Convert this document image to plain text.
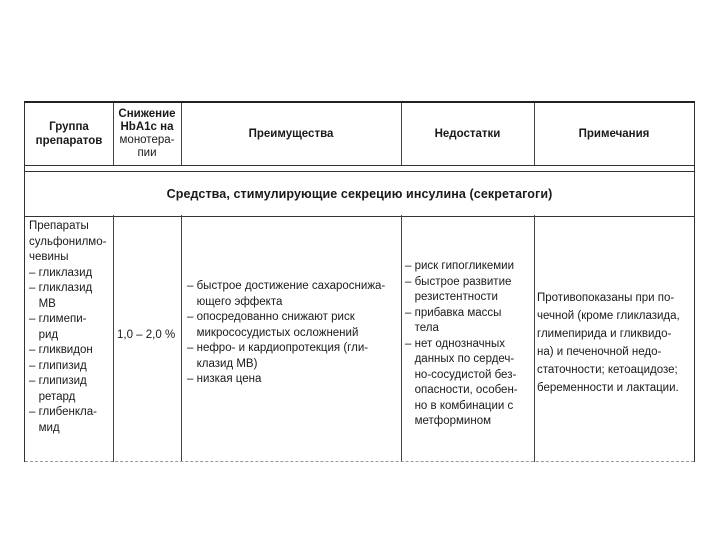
Группа
препаратов
Снижение
HbA1c на
монотера-
пии
Преимущества	Недостатки	Примечания
Средства, стимулирующие секрецию инсулина (секретагоги)
Препараты
сульфонилмо-
чевины
– гликлазид
– гликлазид
МВ
– глимепи-
рид
– гликвидон
– глипизид
– глипизид
ретард
– глибенкла-
мид
1,0 – 2,0 %
– быстрое достижение сахароснижа-
ющего эффекта
– опосредованно снижают риск
микрососудистых осложнений
– нефро- и кардиопротекция (гли-
клазид МВ)
– низкая цена
– риск гипогликемии
– быстрое развитие
резистентности
– прибавка массы
тела
– нет однозначных
данных по сердеч-
но-сосудистой без-
опасности, особен-
но в комбинации с
метформином
Противопоказаны при по-
чечной (кроме гликлазида,
глимепирида и гликвидо-
на) и печеночной недо-
статочности; кетоацидозе;
беременности и лактации.
